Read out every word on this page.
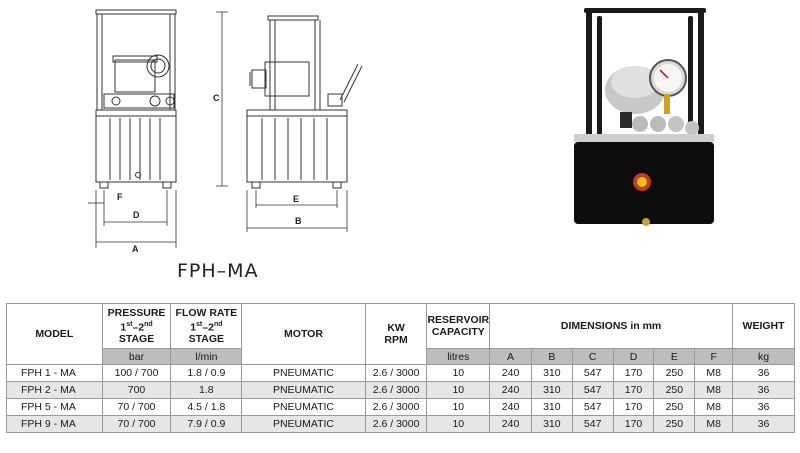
A
D
F
B
E
C
FPH–MA
MODEL	PRESSURE
1st–2nd
STAGE	FLOW RATE
1st–2nd
STAGE	MOTOR	KW
RPM	RESERVOIR
CAPACITY	DIMENSIONS in mm						WEIGHT
	bar	l/min			litres	A	B	C	D	E	F	kg
FPH 1 - MA	100 / 700	1.8 / 0.9	PNEUMATIC	2.6 / 3000	10	240	310	547	170	250	M8	36
FPH 2 - MA	700	1.8	PNEUMATIC	2.6 / 3000	10	240	310	547	170	250	M8	36
FPH 5 - MA	70 / 700	4.5 / 1.8	PNEUMATIC	2.6 / 3000	10	240	310	547	170	250	M8	36
FPH 9 - MA	70 / 700	7.9 / 0.9	PNEUMATIC	2.6 / 3000	10	240	310	547	170	250	M8	36
